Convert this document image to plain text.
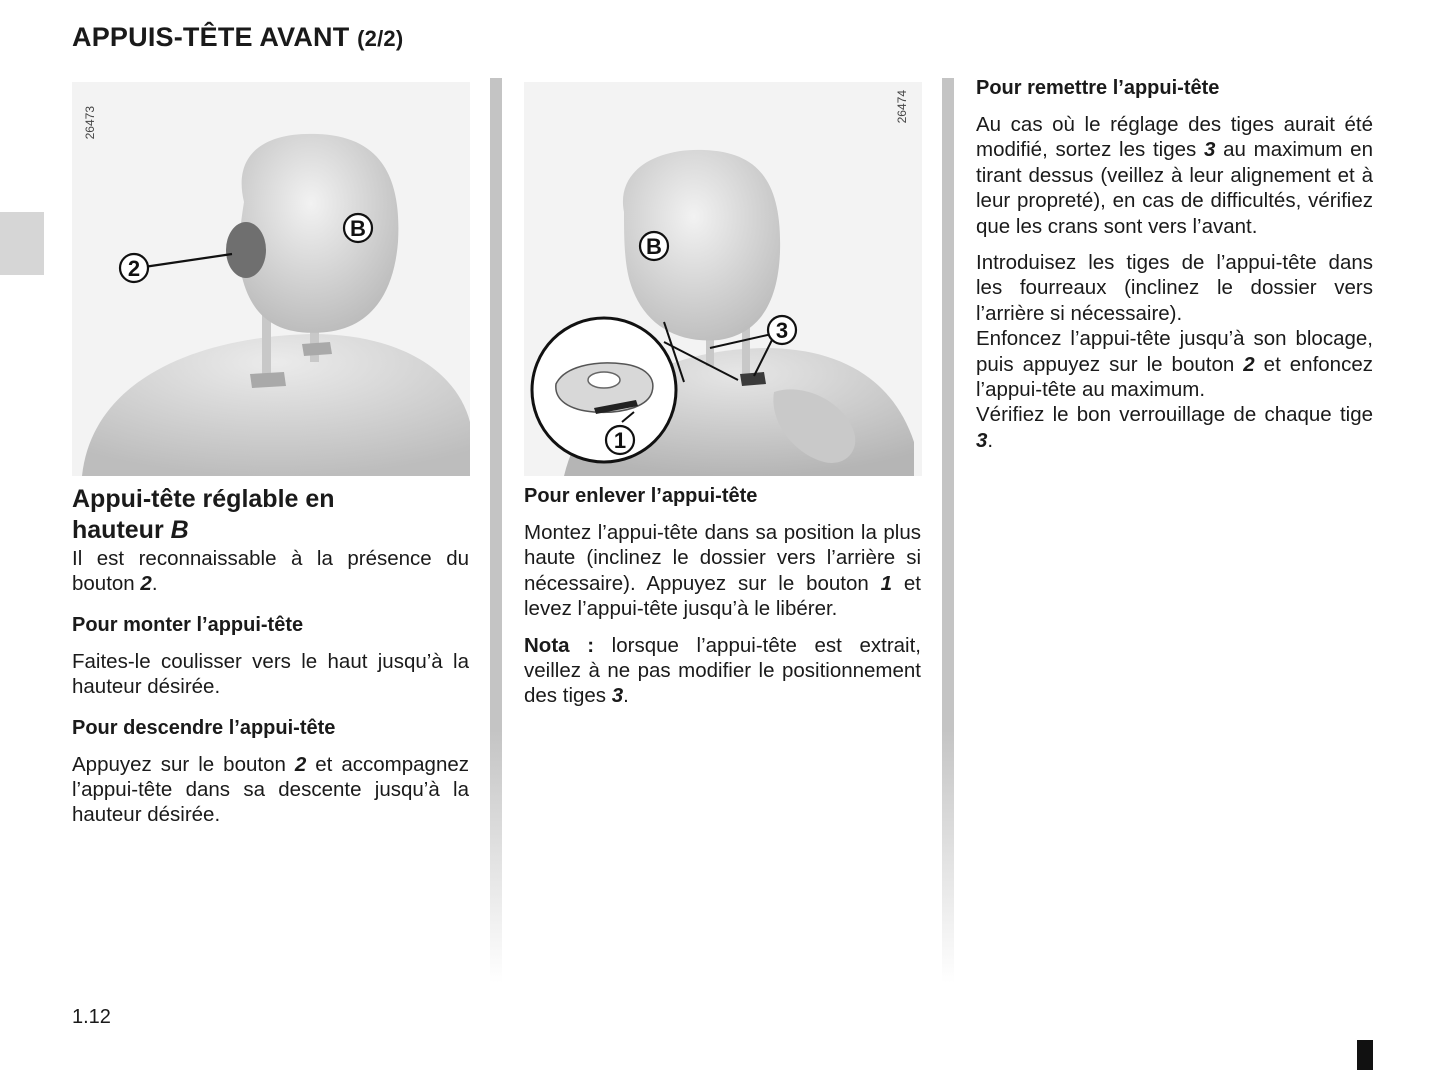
APPUIS-TÊTE AVANT (2/2)
2
B
26473
3
1
B
26474
Appui-tête réglable en
hauteur B

Il est reconnaissable à la présence du bouton 2.

Pour monter l’appui-tête

Faites-le coulisser vers le haut jusqu’à la hauteur désirée.

Pour descendre l’appui-tête

Appuyez sur le bouton 2 et accompagnez l’appui-tête dans sa descente jusqu’à la hauteur désirée.

Pour enlever l’appui-tête

Montez l’appui-tête dans sa position la plus haute (inclinez le dossier vers l’arrière si nécessaire). Appuyez sur le bouton 1 et levez l’appui-tête jusqu’à le libérer.

Nota : lorsque l’appui-tête est extrait, veillez à ne pas modifier le positionnement des tiges 3.

Pour remettre l’appui-tête

Au cas où le réglage des tiges aurait été modifié, sortez les tiges 3 au maximum en tirant dessus (veillez à leur alignement et à leur propreté), en cas de difficultés, vérifiez que les crans sont vers l’avant.

Introduisez les tiges de l’appui-tête dans les fourreaux (inclinez le dossier vers l’arrière si nécessaire).

Enfoncez l’appui-tête jusqu’à son blocage, puis appuyez sur le bouton 2 et enfoncez l’appui-tête au maximum.

Vérifiez le bon verrouillage de chaque tige 3.

1.12
